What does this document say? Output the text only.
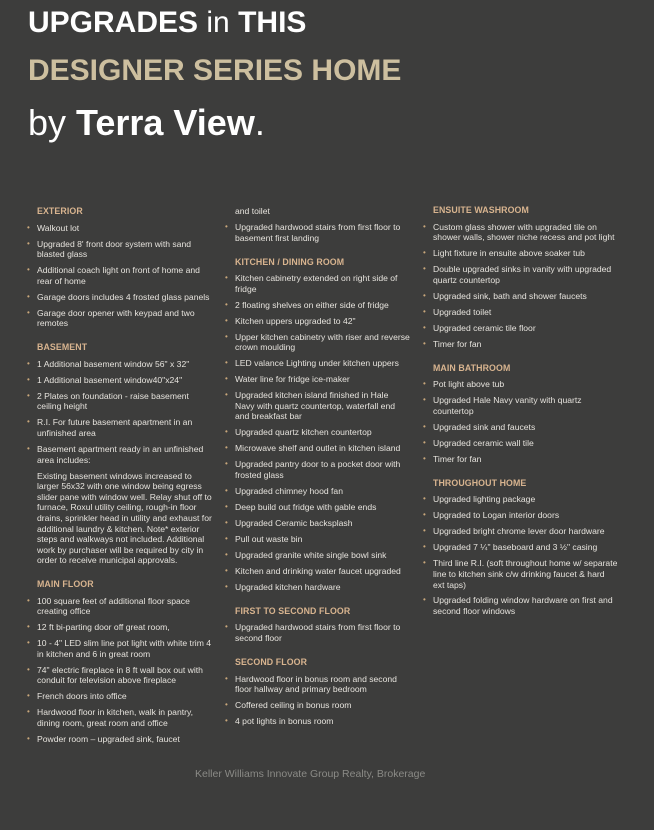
UPGRADES in THIS
DESIGNER SERIES HOME
by Terra View.
EXTERIOR
• Walkout lot
• Upgraded 8' front door system with sand blasted glass
• Additional coach light on front of home and rear of home
• Garage doors includes 4 frosted glass panels
• Garage door opener with keypad and two remotes
BASEMENT
• 1 Additional basement window 56" x 32"
• 1 Additional basement window40"x24"
• 2 Plates on foundation - raise basement ceiling height
• R.I. For future basement apartment in an unfinished area
• Basement apartment ready in an unfinished area includes:
Existing basement windows increased to larger 56x32 with one window being egress slider pane with window well. Relay shut off to furnace, Roxul utility ceiling, rough-in floor drains, sprinkler head in utility and exhaust for additional laundry & kitchen. Note* exterior steps and walkways not included. Additional work by purchaser will be required by city in order to receive municipal approvals.
MAIN FLOOR
• 100 square feet of additional floor space creating office
• 12 ft bi-parting door off great room,
• 10 - 4" LED slim line pot light with white trim 4 in kitchen and 6 in great room
• 74" electric fireplace in 8 ft wall box out with conduit for television above fireplace
• French doors into office
• Hardwood floor in kitchen, walk in pantry, dining room, great room and office
• Powder room – upgraded sink, faucet
and toilet
• Upgraded hardwood stairs from first floor to basement first landing
KITCHEN / DINING ROOM
• Kitchen cabinetry extended on right side of fridge
• 2 floating shelves on either side of fridge
• Kitchen uppers upgraded to 42"
• Upper kitchen cabinetry with riser and reverse crown moulding
• LED valance Lighting under kitchen uppers
• Water line for fridge ice-maker
• Upgraded kitchen island finished in Hale Navy with quartz countertop, waterfall end and breakfast bar
• Upgraded quartz kitchen countertop
• Microwave shelf and outlet in kitchen island
• Upgraded pantry door to a pocket door with frosted glass
• Upgraded chimney hood fan
• Deep build out fridge with gable ends
• Upgraded Ceramic backsplash
• Pull out waste bin
• Upgraded granite white single bowl sink
• Kitchen and drinking water faucet upgraded
• Upgraded kitchen hardware
FIRST TO SECOND FLOOR
• Upgraded hardwood stairs from first floor to second floor
SECOND FLOOR
• Hardwood floor in bonus room and second floor hallway and primary bedroom
• Coffered ceiling in bonus room
• 4 pot lights in bonus room
ENSUITE WASHROOM
• Custom glass shower with upgraded tile on shower walls, shower niche recess and pot light
• Light fixture in ensuite above soaker tub
• Double upgraded sinks in vanity with upgraded quartz countertop
• Upgraded sink, bath and shower faucets
• Upgraded toilet
• Upgraded ceramic tile floor
• Timer for fan
MAIN BATHROOM
• Pot light above tub
• Upgraded Hale Navy vanity with quartz countertop
• Upgraded sink and faucets
• Upgraded ceramic wall tile
• Timer for fan
THROUGHOUT HOME
• Upgraded lighting package
• Upgraded to Logan interior doors
• Upgraded bright chrome lever door hardware
• Upgraded 7 ¼" baseboard and 3 ½" casing
• Third line R.I. (soft throughout home w/ separate line to kitchen sink c/w drinking faucet & hard ext taps)
• Upgraded folding window hardware on first and second floor windows
Keller Williams Innovate Group Realty, Brokerage
